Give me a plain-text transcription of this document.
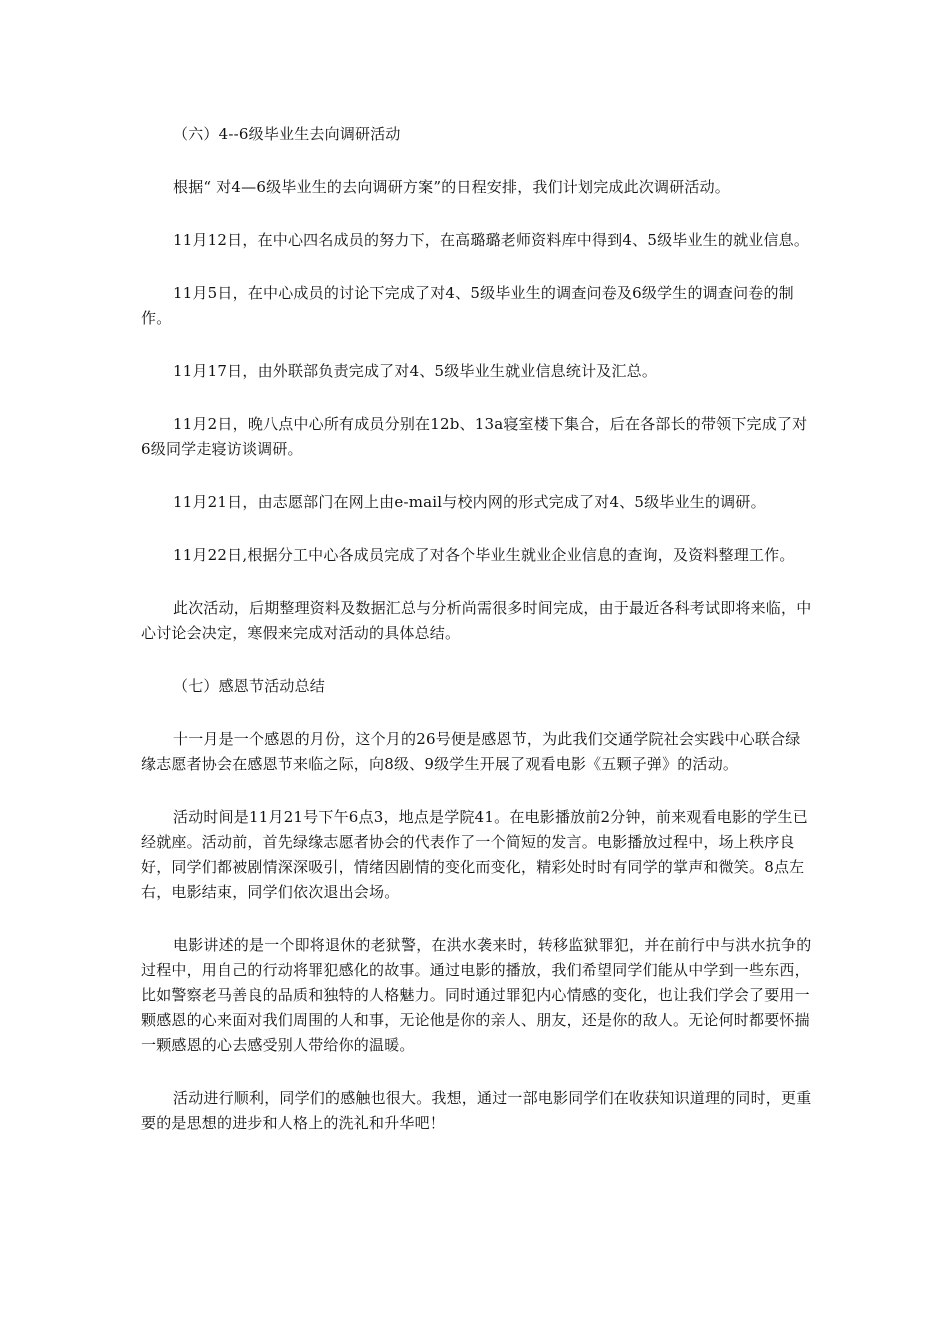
（六）4--6级毕业生去向调研活动

根据“ 对4—6级毕业生的去向调研方案”的日程安排，我们计划完成此次调研活动。

11月12日，在中心四名成员的努力下，在高璐璐老师资料库中得到4、5级毕业生的就业信息。

11月5日，在中心成员的讨论下完成了对4、5级毕业生的调查问卷及6级学生的调查问卷的制作。

11月17日，由外联部负责完成了对4、5级毕业生就业信息统计及汇总。

11月2日，晚八点中心所有成员分别在12b、13a寝室楼下集合，后在各部长的带领下完成了对6级同学走寝访谈调研。

11月21日，由志愿部门在网上由e-mail与校内网的形式完成了对4、5级毕业生的调研。

11月22日,根据分工中心各成员完成了对各个毕业生就业企业信息的查询，及资料整理工作。

此次活动，后期整理资料及数据汇总与分析尚需很多时间完成，由于最近各科考试即将来临，中心讨论会决定，寒假来完成对活动的具体总结。

（七）感恩节活动总结

十一月是一个感恩的月份，这个月的26号便是感恩节，为此我们交通学院社会实践中心联合绿缘志愿者协会在感恩节来临之际，向8级、9级学生开展了观看电影《五颗子弹》的活动。

活动时间是11月21号下午6点3，地点是学院41。在电影播放前2分钟，前来观看电影的学生已经就座。活动前，首先绿缘志愿者协会的代表作了一个简短的发言。电影播放过程中，场上秩序良好，同学们都被剧情深深吸引，情绪因剧情的变化而变化，精彩处时时有同学的掌声和微笑。8点左右，电影结束，同学们依次退出会场。

电影讲述的是一个即将退休的老狱警，在洪水袭来时，转移监狱罪犯，并在前行中与洪水抗争的过程中，用自己的行动将罪犯感化的故事。通过电影的播放，我们希望同学们能从中学到一些东西，比如警察老马善良的品质和独特的人格魅力。同时通过罪犯内心情感的变化，也让我们学会了要用一颗感恩的心来面对我们周围的人和事，无论他是你的亲人、朋友，还是你的敌人。无论何时都要怀揣一颗感恩的心去感受别人带给你的温暖。

活动进行顺利，同学们的感触也很大。我想，通过一部电影同学们在收获知识道理的同时，更重要的是思想的进步和人格上的洗礼和升华吧！
